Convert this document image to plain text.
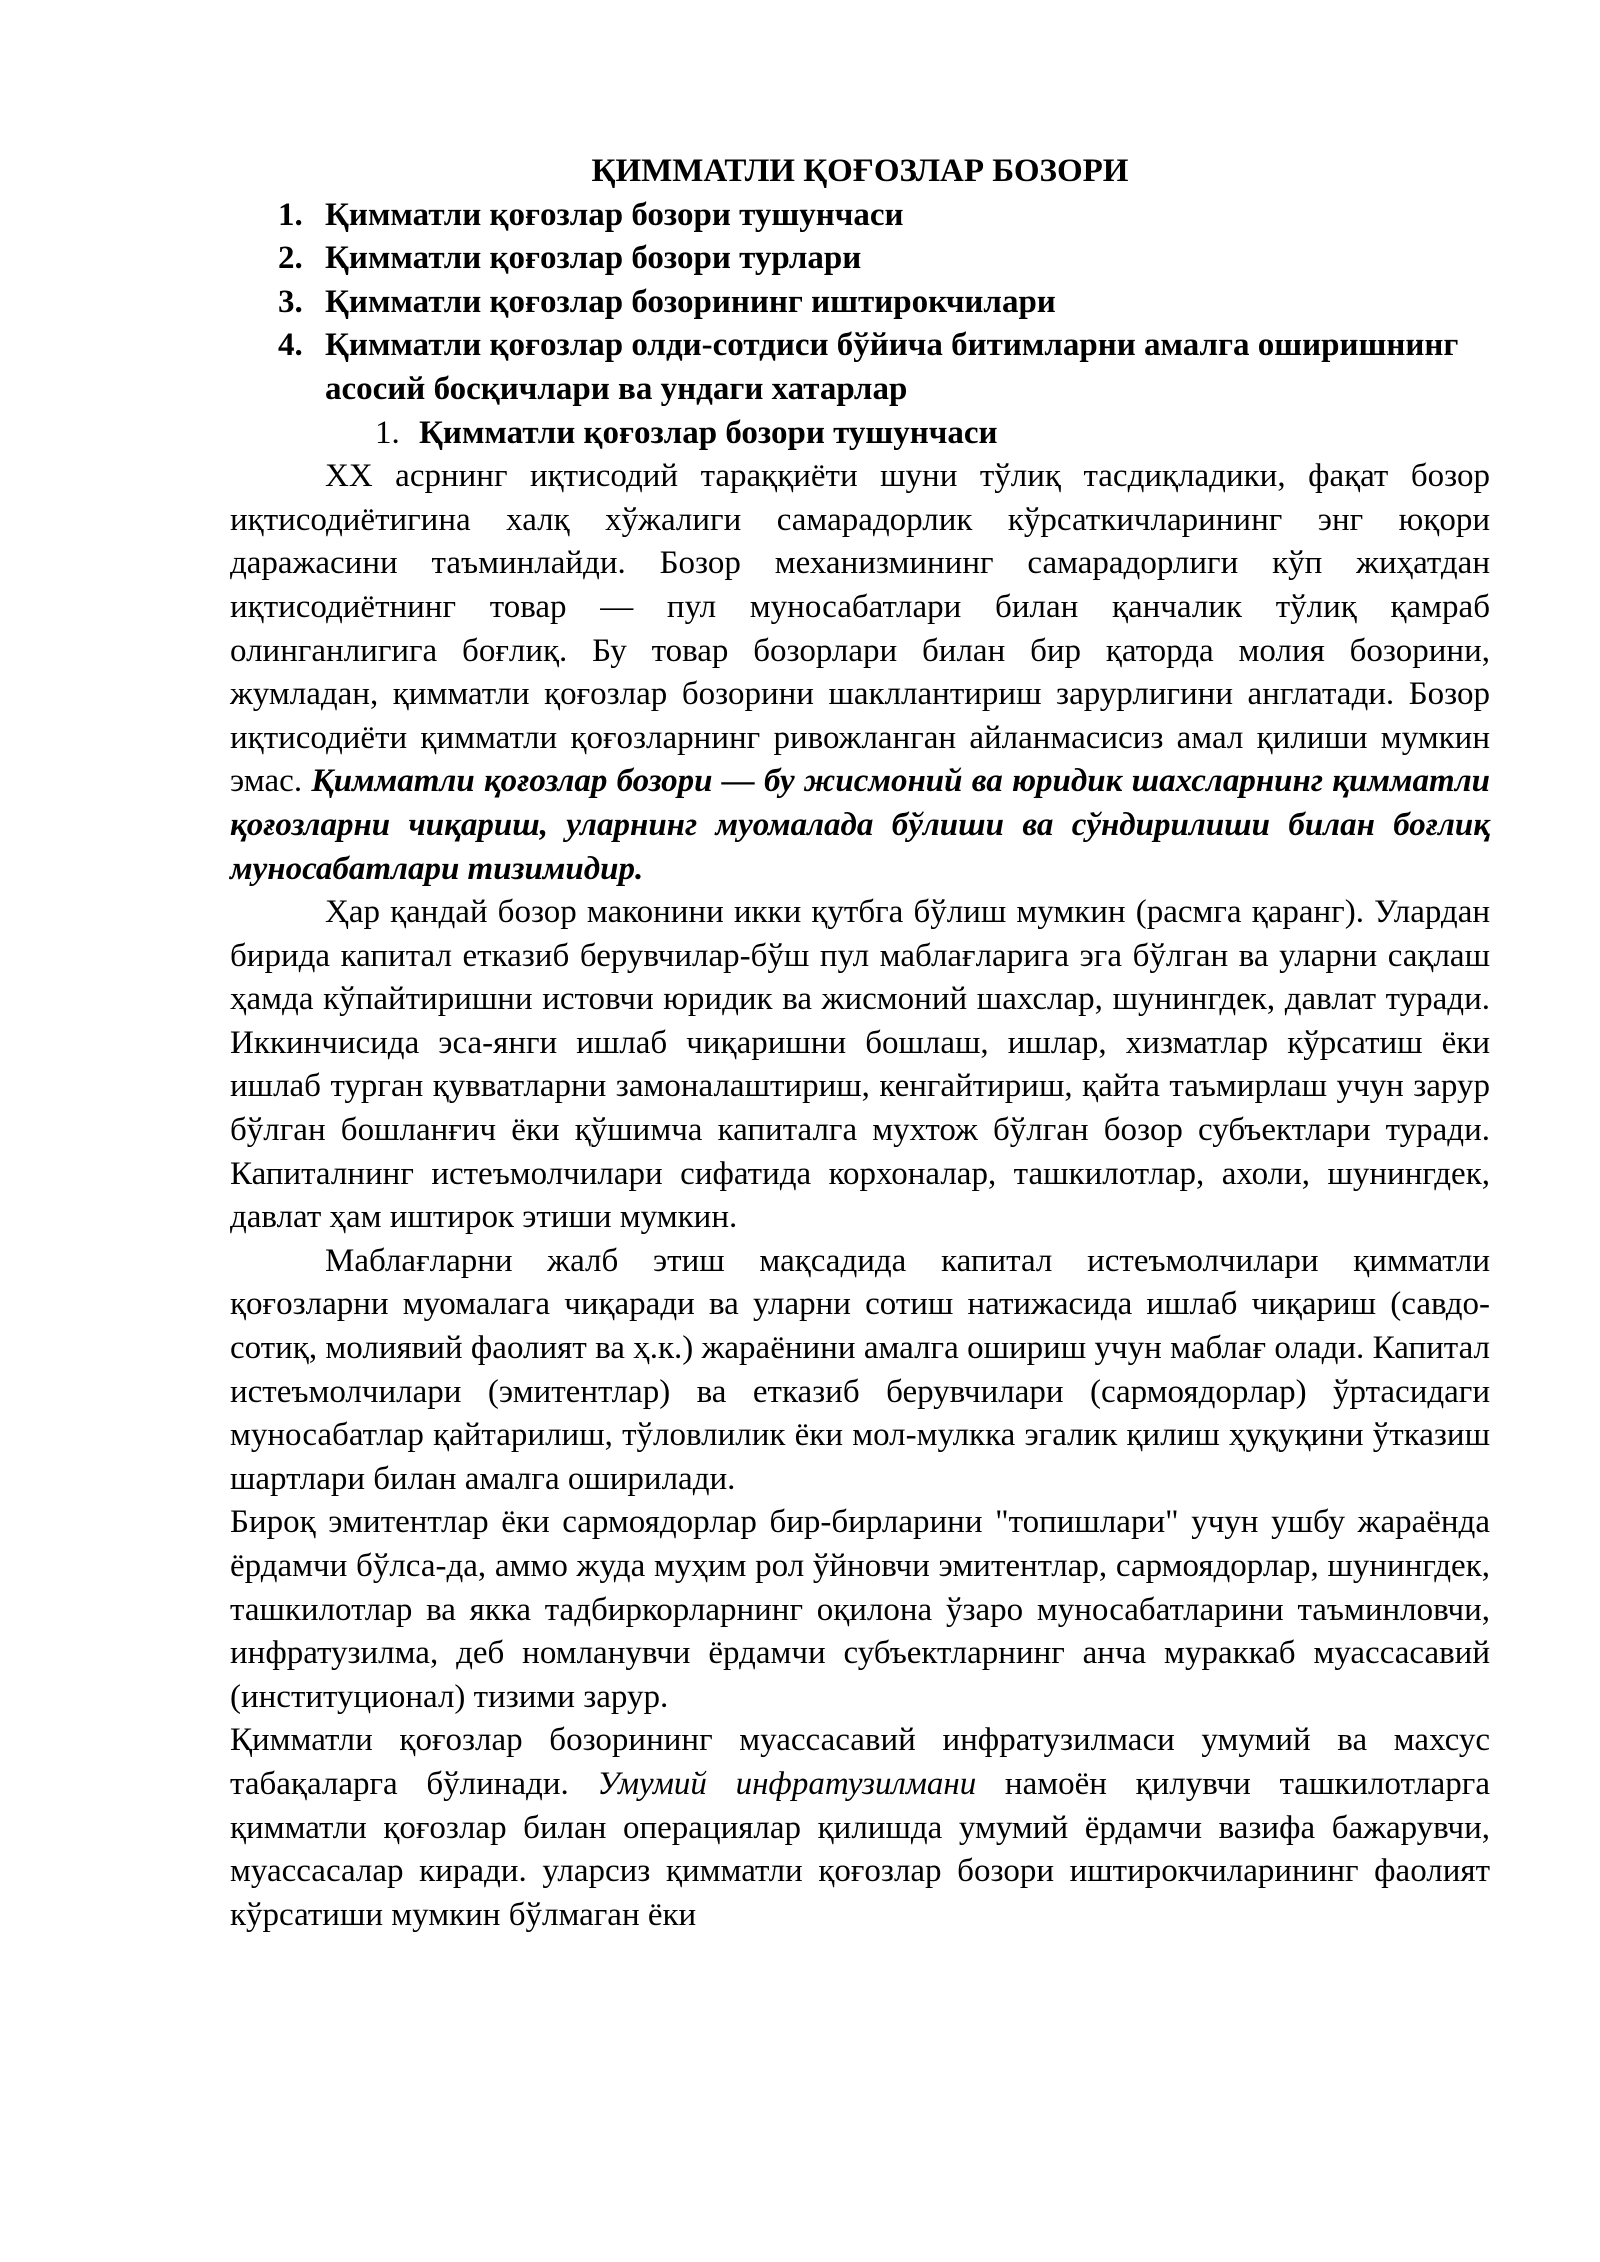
ҚИММАТЛИ ҚОҒОЗЛАР БОЗОРИ

1. Қимматли қоғозлар бозори тушунчаси
2. Қимматли қоғозлар бозори турлари
3. Қимматли қоғозлар бозорининг иштирокчилари
4. Қимматли қоғозлар олди-сотдиси бўйича битимларни амалга оширишнинг асосий босқичлари ва ундаги хатарлар

1. Қимматли қоғозлар бозори тушунчаси

XX асрнинг иқтисодий тараққиёти шуни тўлиқ тасдиқладики, фақат бозор иқтисодиётигина халқ хўжалиги самарадорлик кўрсаткичларининг энг юқори даражасини таъминлайди. Бозор механизмининг самарадорлиги кўп жиҳатдан иқтисодиётнинг товар — пул муносабатлари билан қанчалик тўлиқ қамраб олинганлигига боғлиқ. Бу товар бозорлари билан бир қаторда молия бозорини, жумладан, қимматли қоғозлар бозорини шакллантириш зарурлигини англатади. Бозор иқтисодиёти қимматли қоғозларнинг ривожланган айланмасисиз амал қилиши мумкин эмас. Қимматли қоғозлар бозори — бу жисмоний ва юридик шахсларнинг қимматли қоғозларни чиқариш, уларнинг муомалада бўлиши ва сўндирилиши билан боғлиқ муносабатлари тизимидир.

Ҳар қандай бозор маконини икки қутбга бўлиш мумкин (расмга қаранг). Улардан бирида капитал етказиб берувчилар-бўш пул маблағларига эга бўлган ва уларни сақлаш ҳамда кўпайтиришни истовчи юридик ва жисмоний шахслар, шунингдек, давлат туради. Иккинчисида эса-янги ишлаб чиқаришни бошлаш, ишлар, хизматлар кўрсатиш ёки ишлаб турган қувватларни замоналаштириш, кенгайтириш, қайта таъмирлаш учун зарур бўлган бошланғич ёки қўшимча капиталга мухтож бўлган бозор субъектлари туради. Капиталнинг истеъмолчилари сифатида корхоналар, ташкилотлар, ахоли, шунингдек, давлат ҳам иштирок этиши мумкин.

Маблағларни жалб этиш мақсадида капитал истеъмолчилари қимматли қоғозларни муомалага чиқаради ва уларни сотиш натижасида ишлаб чиқариш (савдо-сотиқ, молиявий фаолият ва ҳ.к.) жараёнини амалга ошириш учун маблағ олади. Капитал истеъмолчилари (эмитентлар) ва етказиб берувчилари (сармоядорлар) ўртасидаги муносабатлар қайтарилиш, тўловлилик ёки мол-мулкка эгалик қилиш ҳуқуқини ўтказиш шартлари билан амалга оширилади.

Бироқ эмитентлар ёки сармоядорлар бир-бирларини "топишлари" учун ушбу жараёнда ёрдамчи бўлса-да, аммо жуда муҳим рол ўйновчи эмитентлар, сармоядорлар, шунингдек, ташкилотлар ва якка тадбиркорларнинг оқилона ўзаро муносабатларини таъминловчи, инфратузилма, деб номланувчи ёрдамчи субъектларнинг анча мураккаб муассасавий (институционал) тизими зарур.

Қимматли қоғозлар бозорининг муассасавий инфратузилмаси умумий ва махсус табақаларга бўлинади. Умумий инфратузилмани намоён қилувчи ташкилотларга қимматли қоғозлар билан операциялар қилишда умумий ёрдамчи вазифа бажарувчи, муассасалар киради. уларсиз қимматли қоғозлар бозори иштирокчиларининг фаолият кўрсатиши мумкин бўлмаган ёки
